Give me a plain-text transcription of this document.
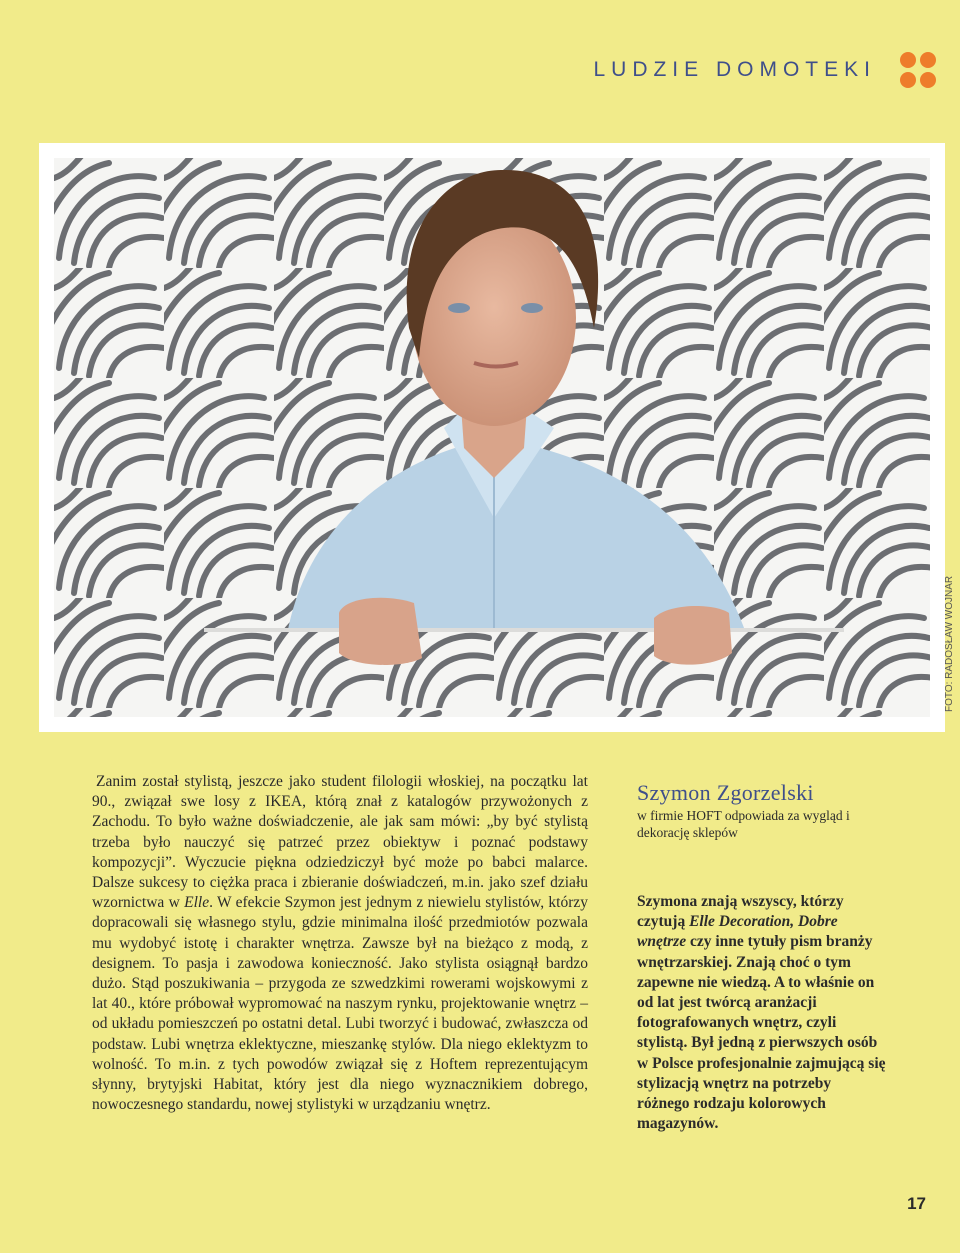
LUDZIE DOMOTEKI
FOTO: RADOSŁAW WOJNAR

Zanim został stylistą, jeszcze jako student filologii włoskiej, na początku lat 90., związał swe losy z IKEA, którą znał z katalogów przywożonych z Zachodu. To było ważne doświadczenie, ale jak sam mówi: „by być stylistą trzeba było nauczyć się patrzeć przez obiektyw i poznać podstawy kompozycji”. Wyczucie piękna odziedziczył być może po babci malarce. Dalsze sukcesy to ciężka praca i zbieranie doświadczeń, m.in. jako szef działu wzornictwa w Elle. W efekcie Szymon jest jednym z niewielu stylistów, którzy dopracowali się własnego stylu, gdzie minimalna ilość przedmiotów pozwala mu wydobyć istotę i charakter wnętrza. Zawsze był na bieżąco z modą, z designem. To pasja i zawodowa konieczność. Jako stylista osiągnął bardzo dużo. Stąd poszukiwania – przygoda ze szwedzkimi rowerami wojskowymi z lat 40., które próbował wypromować na naszym rynku, projektowanie wnętrz – od układu pomieszczeń po ostatni detal. Lubi tworzyć i budować, zwłaszcza od podstaw. Lubi wnętrza eklektyczne, mieszankę stylów. Dla niego eklektyzm to wolność. To m.in. z tych powodów związał się z Hoftem reprezentującym słynny, brytyjski Habitat, który jest dla niego wyznacznikiem dobrego, nowoczesnego standardu, nowej stylistyki w urządzaniu wnętrz.

Szymon Zgorzelski
w firmie HOFT odpowiada za wygląd i dekorację sklepów
Szymona znają wszyscy, którzy czytują Elle Decoration, Dobre wnętrze czy inne tytuły pism branży wnętrzarskiej. Znają choć o tym zapewne nie wiedzą. A to właśnie on od lat jest twórcą aranżacji fotografowanych wnętrz, czyli stylistą. Był jedną z pierwszych osób w Polsce profesjonalnie zajmującą się stylizacją wnętrz na potrzeby różnego rodzaju kolorowych magazynów.
17
